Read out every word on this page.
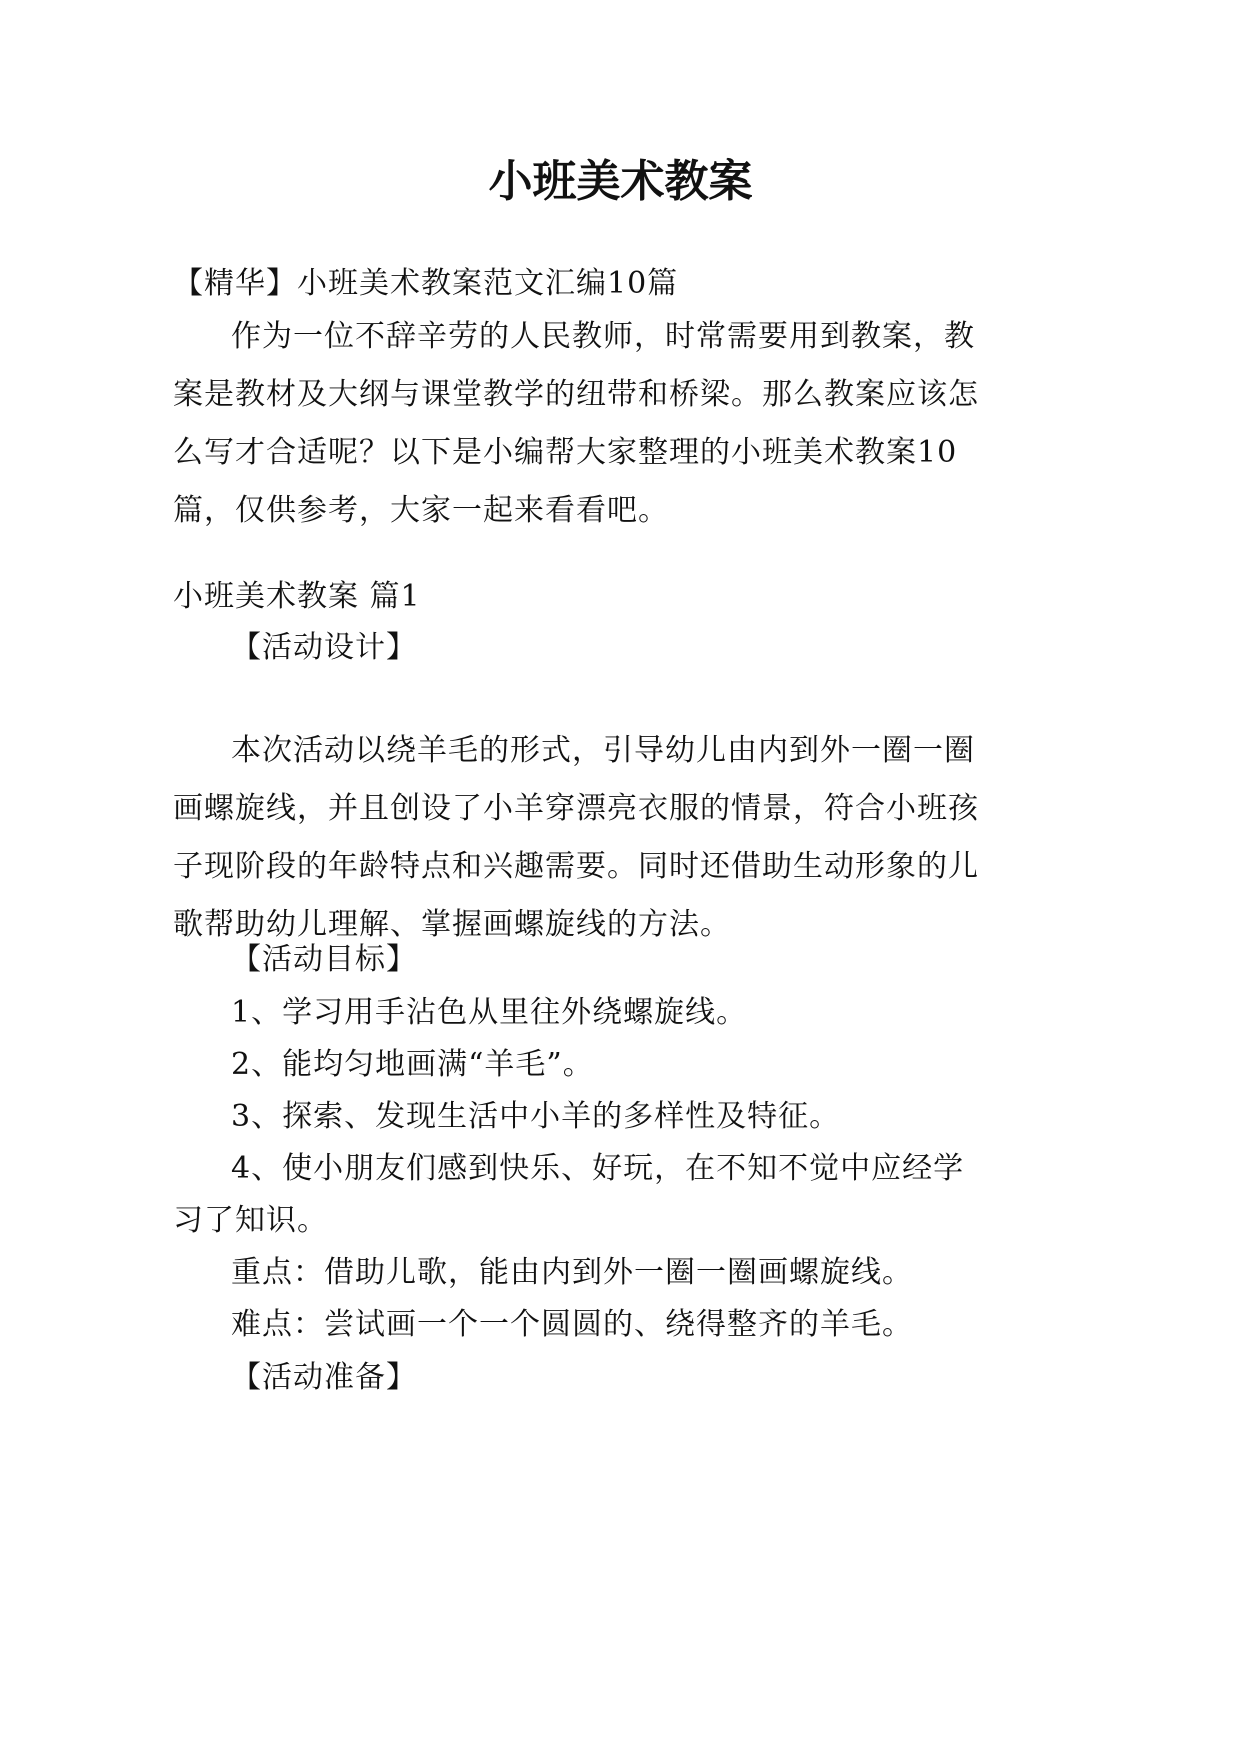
小班美术教案
【精华】小班美术教案范文汇编10篇
作为一位不辞辛劳的人民教师，时常需要用到教案，教
案是教材及大纲与课堂教学的纽带和桥梁。那么教案应该怎
么写才合适呢？以下是小编帮大家整理的小班美术教案10
篇，仅供参考，大家一起来看看吧。
小班美术教案 篇1
【活动设计】
本次活动以绕羊毛的形式，引导幼儿由内到外一圈一圈
画螺旋线，并且创设了小羊穿漂亮衣服的情景，符合小班孩
子现阶段的年龄特点和兴趣需要。同时还借助生动形象的儿
歌帮助幼儿理解、掌握画螺旋线的方法。
【活动目标】
1、学习用手沾色从里往外绕螺旋线。
2、能均匀地画满“羊毛”。
3、探索、发现生活中小羊的多样性及特征。
4、使小朋友们感到快乐、好玩，在不知不觉中应经学
习了知识。
重点：借助儿歌，能由内到外一圈一圈画螺旋线。
难点：尝试画一个一个圆圆的、绕得整齐的羊毛。
【活动准备】
